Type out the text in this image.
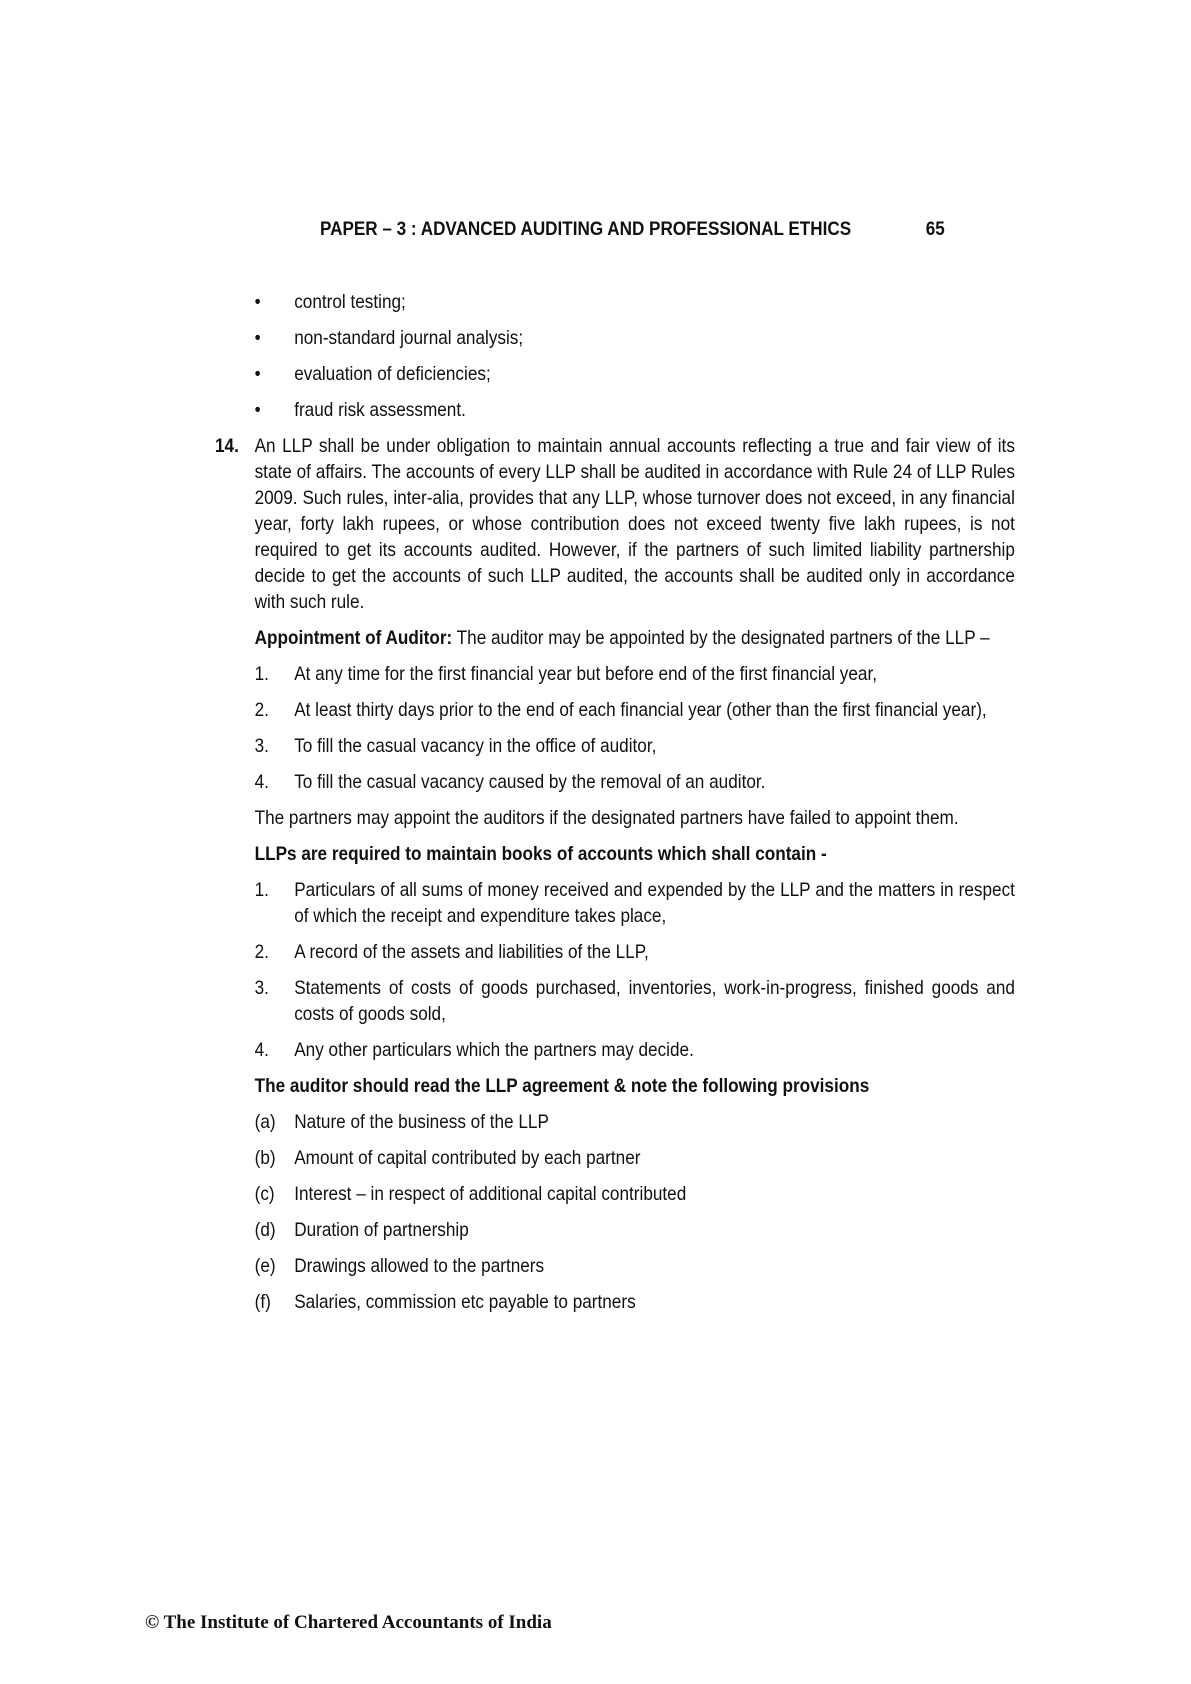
PAPER – 3 : ADVANCED AUDITING AND PROFESSIONAL ETHICS	65
• control testing;
• non-standard journal analysis;
• evaluation of deficiencies;
• fraud risk assessment.
14. An LLP shall be under obligation to maintain annual accounts reflecting a true and fair view of its state of affairs. The accounts of every LLP shall be audited in accordance with Rule 24 of LLP Rules 2009. Such rules, inter-alia, provides that any LLP, whose turnover does not exceed, in any financial year, forty lakh rupees, or whose contribution does not exceed twenty five lakh rupees, is not required to get its accounts audited. However, if the partners of such limited liability partnership decide to get the accounts of such LLP audited, the accounts shall be audited only in accordance with such rule.

Appointment of Auditor: The auditor may be appointed by the designated partners of the LLP –

1. At any time for the first financial year but before end of the first financial year,
2. At least thirty days prior to the end of each financial year (other than the first financial year),
3. To fill the casual vacancy in the office of auditor,
4. To fill the casual vacancy caused by the removal of an auditor.

The partners may appoint the auditors if the designated partners have failed to appoint them.

LLPs are required to maintain books of accounts which shall contain -

1. Particulars of all sums of money received and expended by the LLP and the matters in respect of which the receipt and expenditure takes place,
2. A record of the assets and liabilities of the LLP,
3. Statements of costs of goods purchased, inventories, work-in-progress, finished goods and costs of goods sold,
4. Any other particulars which the partners may decide.

The auditor should read the LLP agreement & note the following provisions

(a) Nature of the business of the LLP
(b) Amount of capital contributed by each partner
(c) Interest – in respect of additional capital contributed
(d) Duration of partnership
(e) Drawings allowed to the partners
(f) Salaries, commission etc payable to partners
© The Institute of Chartered Accountants of India
